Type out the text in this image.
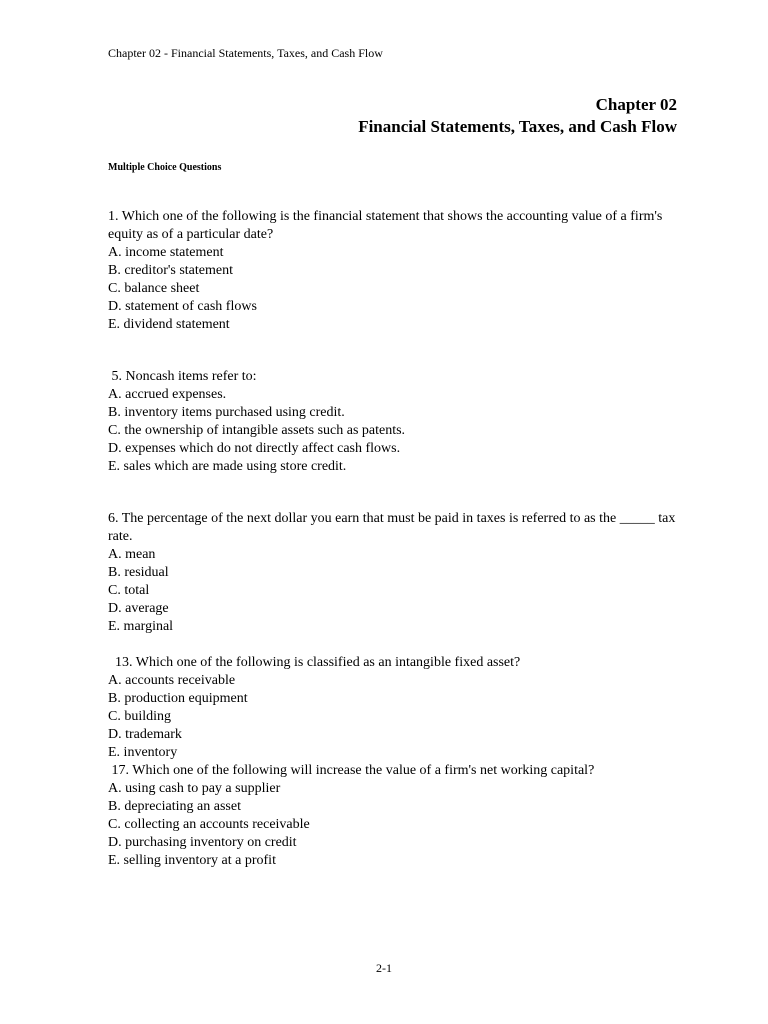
Chapter 02 - Financial Statements, Taxes, and Cash Flow
Chapter 02
Financial Statements, Taxes, and Cash Flow
Multiple Choice Questions
1. Which one of the following is the financial statement that shows the accounting value of a firm's equity as of a particular date?
A. income statement
B. creditor's statement
C. balance sheet
D. statement of cash flows
E. dividend statement
5. Noncash items refer to:
A. accrued expenses.
B. inventory items purchased using credit.
C. the ownership of intangible assets such as patents.
D. expenses which do not directly affect cash flows.
E. sales which are made using store credit.
6. The percentage of the next dollar you earn that must be paid in taxes is referred to as the _____ tax rate.
A. mean
B. residual
C. total
D. average
E. marginal
13. Which one of the following is classified as an intangible fixed asset?
A. accounts receivable
B. production equipment
C. building
D. trademark
E. inventory
17. Which one of the following will increase the value of a firm's net working capital?
A. using cash to pay a supplier
B. depreciating an asset
C. collecting an accounts receivable
D. purchasing inventory on credit
E. selling inventory at a profit
2-1
